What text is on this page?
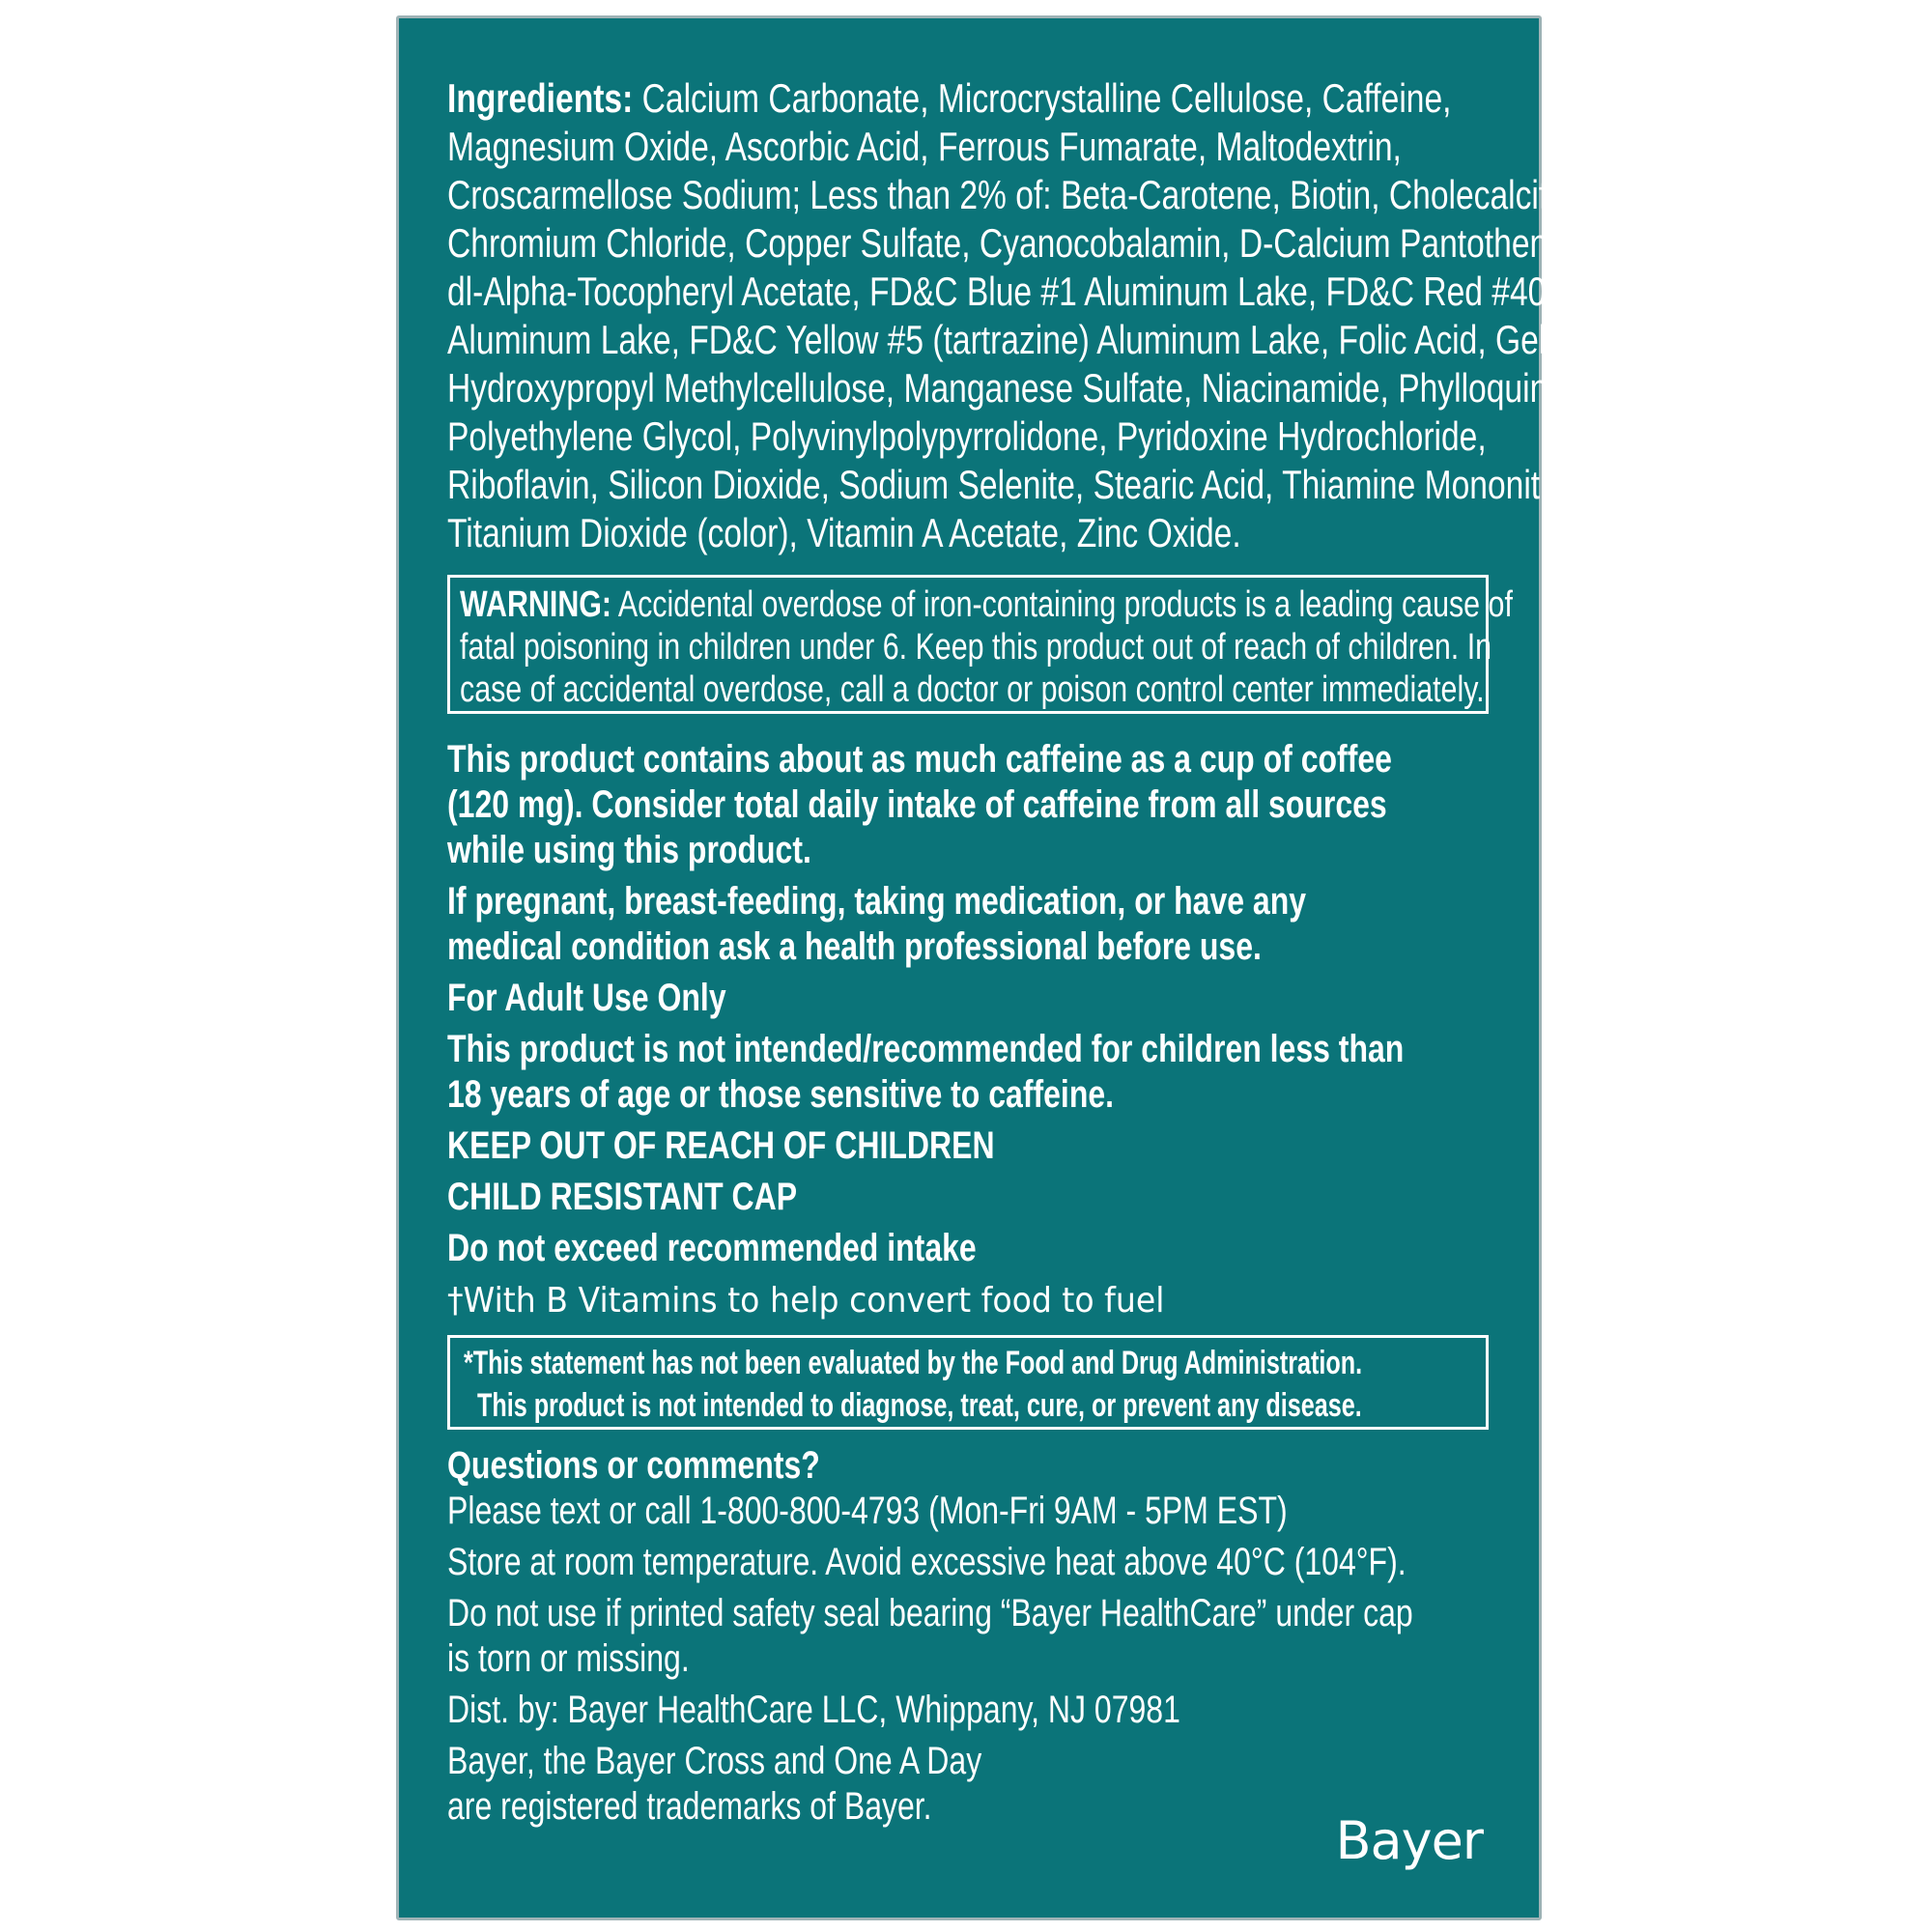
Ingredients: Calcium Carbonate, Microcrystalline Cellulose, Caffeine,
Magnesium Oxide, Ascorbic Acid, Ferrous Fumarate, Maltodextrin,
Croscarmellose Sodium; Less than 2% of: Beta-Carotene, Biotin, Cholecalciferol,
Chromium Chloride, Copper Sulfate, Cyanocobalamin, D-Calcium Pantothenate,
dl-Alpha-Tocopheryl Acetate, FD&C Blue #1 Aluminum Lake, FD&C Red #40
Aluminum Lake, FD&C Yellow #5 (tartrazine) Aluminum Lake, Folic Acid, Gelatin,
Hydroxypropyl Methylcellulose, Manganese Sulfate, Niacinamide, Phylloquinone,
Polyethylene Glycol, Polyvinylpolypyrrolidone, Pyridoxine Hydrochloride,
Riboflavin, Silicon Dioxide, Sodium Selenite, Stearic Acid, Thiamine Mononitrate,
Titanium Dioxide (color), Vitamin A Acetate, Zinc Oxide.
WARNING: Accidental overdose of iron-containing products is a leading cause of
fatal poisoning in children under 6. Keep this product out of reach of children. In
case of accidental overdose, call a doctor or poison control center immediately.
This product contains about as much caffeine as a cup of coffee
(120 mg). Consider total daily intake of caffeine from all sources
while using this product.
If pregnant, breast-feeding, taking medication, or have any
medical condition ask a health professional before use.
For Adult Use Only
This product is not intended/recommended for children less than
18 years of age or those sensitive to caffeine.
KEEP OUT OF REACH OF CHILDREN
CHILD RESISTANT CAP
Do not exceed recommended intake
†With B Vitamins to help convert food to fuel
*This statement has not been evaluated by the Food and Drug Administration.
This product is not intended to diagnose, treat, cure, or prevent any disease.
Questions or comments?
Please text or call 1-800-800-4793 (Mon-Fri 9AM - 5PM EST)
Store at room temperature. Avoid excessive heat above 40°C (104°F).
Do not use if printed safety seal bearing “Bayer HealthCare” under cap
is torn or missing.
Dist. by: Bayer HealthCare LLC, Whippany, NJ 07981
Bayer, the Bayer Cross and One A Day
are registered trademarks of Bayer.
Bayer
